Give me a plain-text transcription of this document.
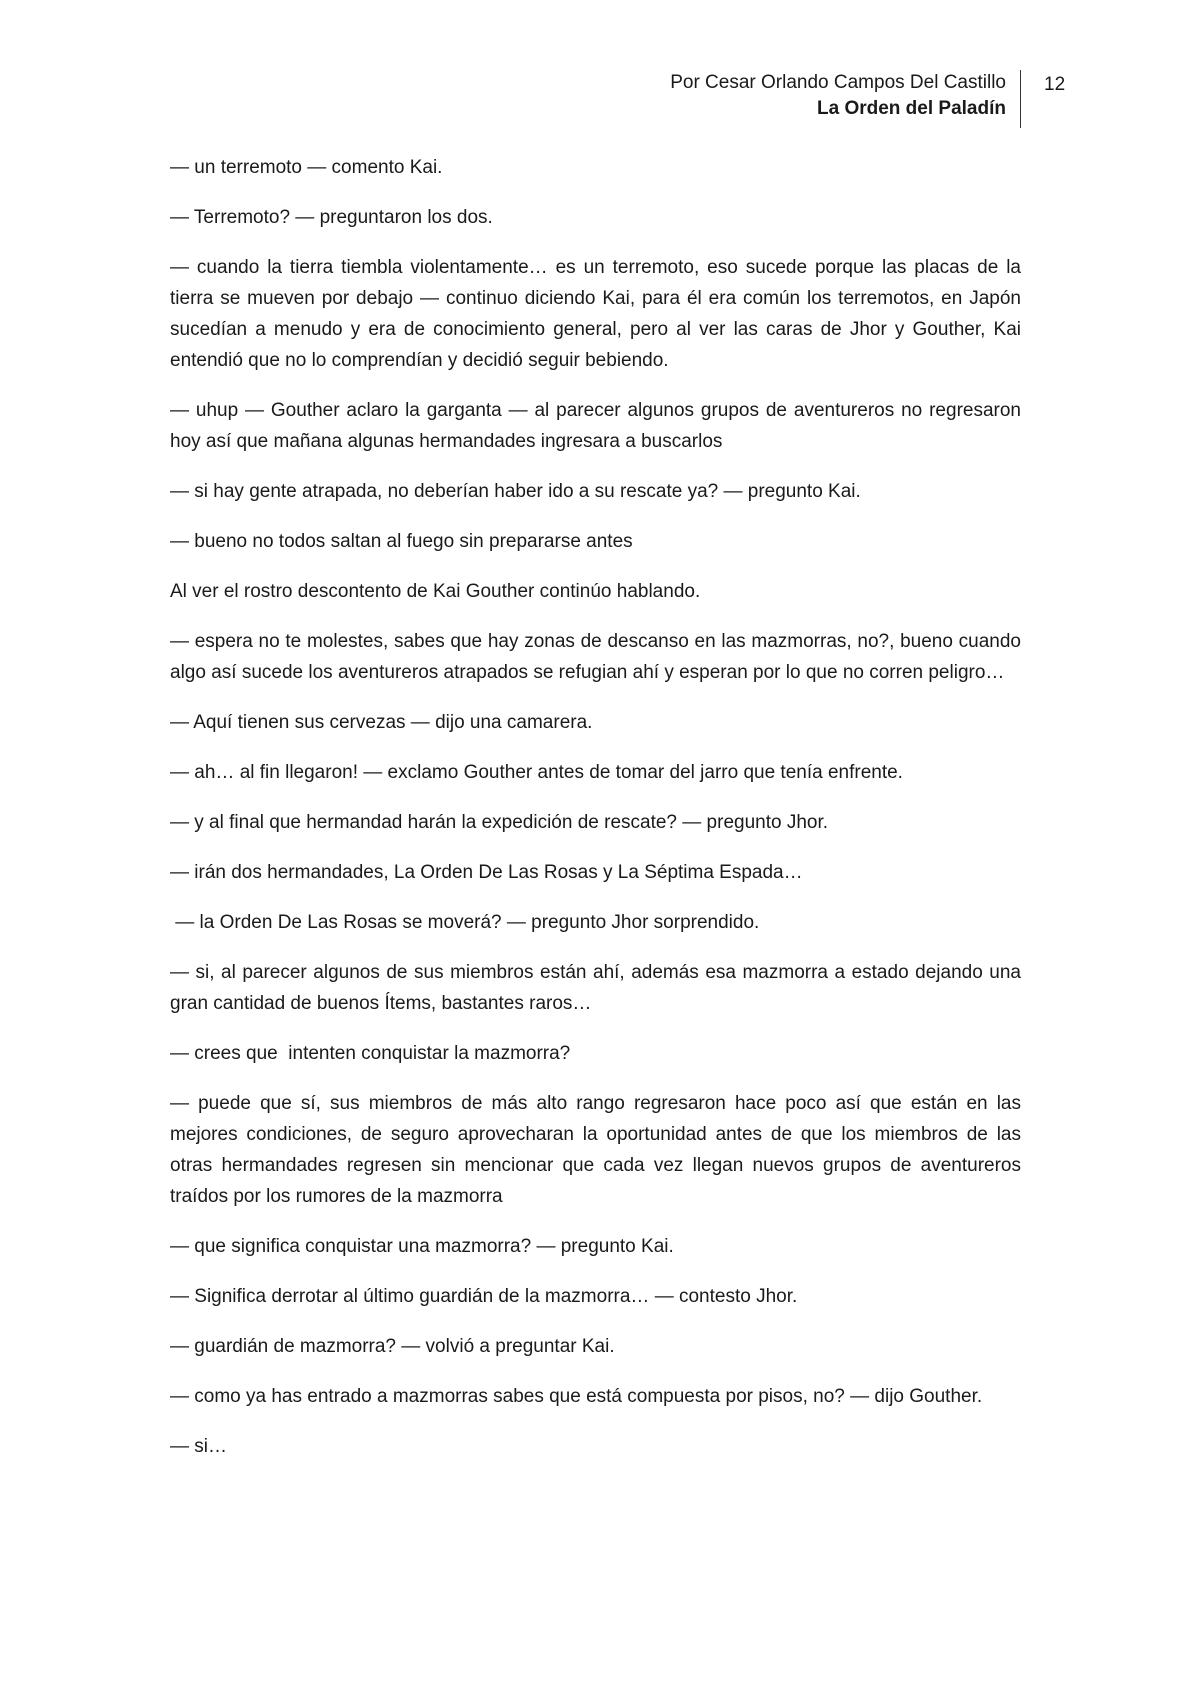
Por Cesar Orlando Campos Del Castillo
La Orden del Paladín
12

— un terremoto — comento Kai.

— Terremoto? — preguntaron los dos.

— cuando la tierra tiembla violentamente… es un terremoto, eso sucede porque las placas de la tierra se mueven por debajo — continuo diciendo Kai, para él era común los terremotos, en Japón sucedían a menudo y era de conocimiento general, pero al ver las caras de Jhor y Gouther, Kai entendió que no lo comprendían y decidió seguir bebiendo.

— uhup — Gouther aclaro la garganta — al parecer algunos grupos de aventureros no regresaron hoy así que mañana algunas hermandades ingresara a buscarlos

— si hay gente atrapada, no deberían haber ido a su rescate ya? — pregunto Kai.

— bueno no todos saltan al fuego sin prepararse antes

Al ver el rostro descontento de Kai Gouther continúo hablando.

— espera no te molestes, sabes que hay zonas de descanso en las mazmorras, no?, bueno cuando algo así sucede los aventureros atrapados se refugian ahí y esperan por lo que no corren peligro…

— Aquí tienen sus cervezas — dijo una camarera.

— ah… al fin llegaron! — exclamo Gouther antes de tomar del jarro que tenía enfrente.

— y al final que hermandad harán la expedición de rescate? — pregunto Jhor.

— irán dos hermandades, La Orden De Las Rosas y La Séptima Espada…

— la Orden De Las Rosas se moverá? — pregunto Jhor sorprendido.

— si, al parecer algunos de sus miembros están ahí, además esa mazmorra a estado dejando una gran cantidad de buenos Ítems, bastantes raros…

— crees que  intenten conquistar la mazmorra?

— puede que sí, sus miembros de más alto rango regresaron hace poco así que están en las mejores condiciones, de seguro aprovecharan la oportunidad antes de que los miembros de las otras hermandades regresen sin mencionar que cada vez llegan nuevos grupos de aventureros traídos por los rumores de la mazmorra

— que significa conquistar una mazmorra? — pregunto Kai.

— Significa derrotar al último guardián de la mazmorra… — contesto Jhor.

— guardián de mazmorra? — volvió a preguntar Kai.

— como ya has entrado a mazmorras sabes que está compuesta por pisos, no? — dijo Gouther.

— si…
